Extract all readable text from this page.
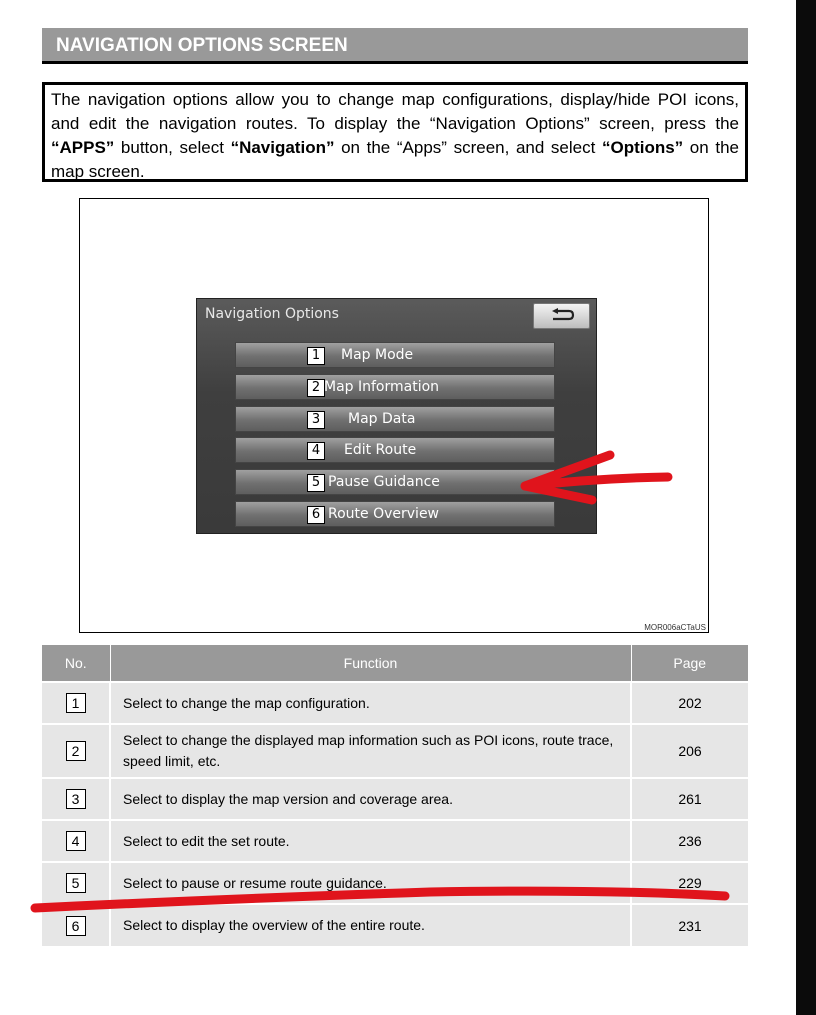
NAVIGATION OPTIONS SCREEN
The navigation options allow you to change map configurations, display/hide POI icons, and edit the navigation routes. To display the “Navigation Options” screen, press the “APPS” button, select “Navigation” on the “Apps” screen, and select “Options” on the map screen.
Navigation Options
1	Map Mode
2 Map Information
3	Map Data
4	Edit Route
5 Pause Guidance
6 Route Overview
MOR006aCTaUS
No.	Function	Page
1	Select to change the map configuration.	202
2	Select to change the displayed map information such as POI icons, route trace, speed limit, etc.	206
3	Select to display the map version and coverage area.	261
4	Select to edit the set route.	236
5	Select to pause or resume route guidance.	229
6	Select to display the overview of the entire route.	231
